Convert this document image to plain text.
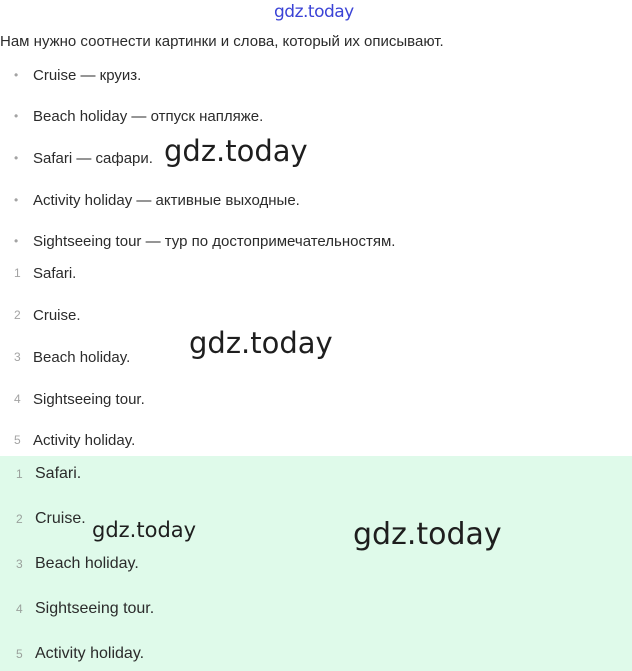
gdz.today
Нам нужно соотнести картинки и слова, который их описывают.
• Cruise — круиз.
• Beach holiday — отпуск напляже.
• Safari — сафари.
• Activity holiday — активные выходные.
• Sightseeing tour — тур по достопримечательностям.
1 Safari.
2 Cruise.
3 Beach holiday.
4 Sightseeing tour.
5 Activity holiday.
1 Safari.
2 Cruise.
3 Beach holiday.
4 Sightseeing tour.
5 Activity holiday.
gdz.today
gdz.today
gdz.today	gdz.today
